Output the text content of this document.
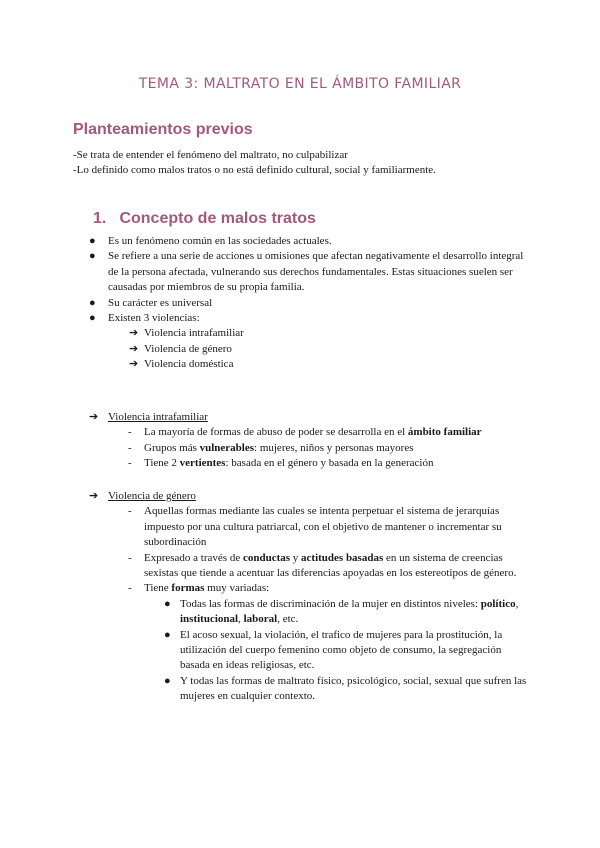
TEMA 3: MALTRATO EN EL ÁMBITO FAMILIAR
Planteamientos previos
-Se trata de entender el fenómeno del maltrato, no culpabilizar
-Lo definido como malos tratos o no está definido cultural, social y familiarmente.
1. Concepto de malos tratos
● Es un fenómeno común en las sociedades actuales.
● Se refiere a una serie de acciones u omisiones que afectan negativamente el desarrollo integral de la persona afectada, vulnerando sus derechos fundamentales. Estas situaciones suelen ser causadas por miembros de su propia familia.
● Su carácter es universal
● Existen 3 violencias:
➔ Violencia intrafamiliar
➔ Violencia de género
➔ Violencia doméstica
➔ Violencia intrafamiliar
- La mayoría de formas de abuso de poder se desarrolla en el ámbito familiar
- Grupos más vulnerables: mujeres, niños y personas mayores
- Tiene 2 vertientes: basada en el género y basada en la generación
➔ Violencia de género
- Aquellas formas mediante las cuales se intenta perpetuar el sistema de jerarquías impuesto por una cultura patriarcal, con el objetivo de mantener o incrementar su subordinación
- Expresado a través de conductas y actitudes basadas en un sistema de creencias sexistas que tiende a acentuar las diferencias apoyadas en los estereotipos de género.
- Tiene formas muy variadas:
● Todas las formas de discriminación de la mujer en distintos niveles: político, institucional, laboral, etc.
● El acoso sexual, la violación, el trafico de mujeres para la prostitución, la utilización del cuerpo femenino como objeto de consumo, la segregación basada en ideas religiosas, etc.
● Y todas las formas de maltrato físico, psicológico, social, sexual que sufren las mujeres en cualquier contexto.
